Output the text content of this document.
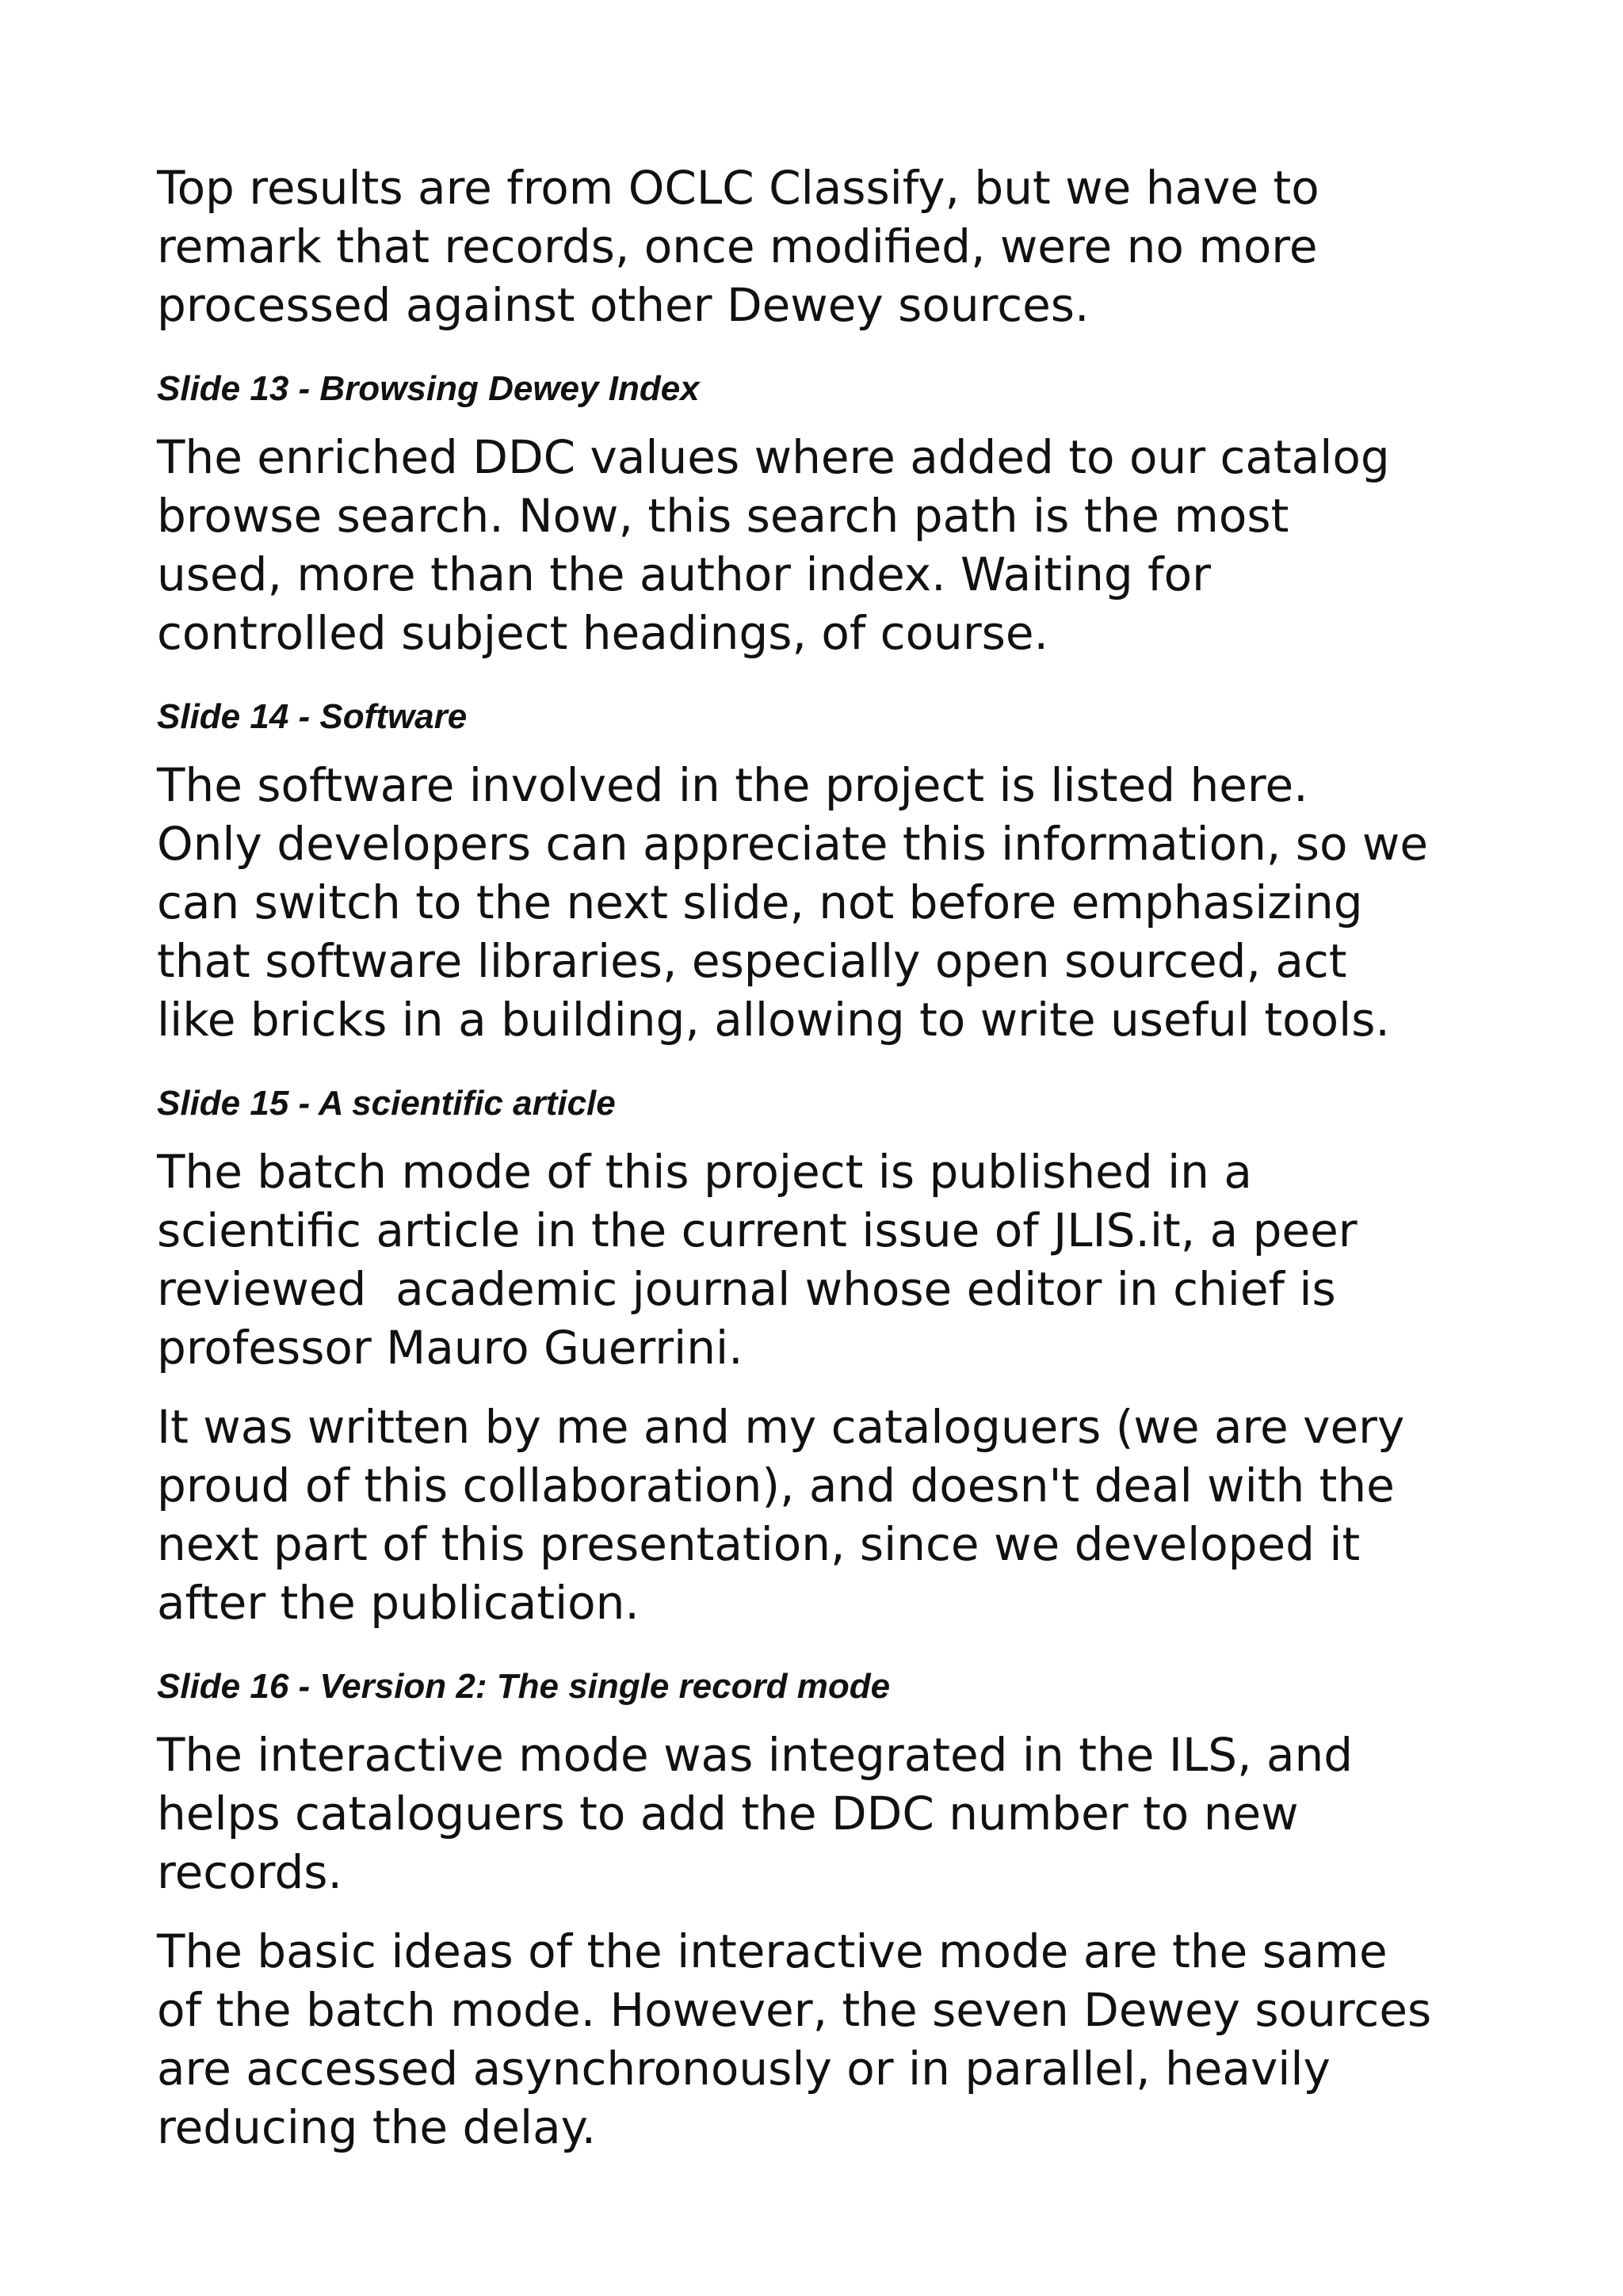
Top results are from OCLC Classify, but we have to
remark that records, once modified, were no more
processed against other Dewey sources.
Slide 13 - Browsing Dewey Index
The enriched DDC values where added to our catalog
browse search. Now, this search path is the most
used, more than the author index. Waiting for
controlled subject headings, of course.
Slide 14 - Software
The software involved in the project is listed here.
Only developers can appreciate this information, so we
can switch to the next slide, not before emphasizing
that software libraries, especially open sourced, act
like bricks in a building, allowing to write useful tools.
Slide 15 - A scientific article
The batch mode of this project is published in a
scientific article in the current issue of JLIS.it, a peer
reviewed  academic journal whose editor in chief is
professor Mauro Guerrini.
It was written by me and my cataloguers (we are very
proud of this collaboration), and doesn't deal with the
next part of this presentation, since we developed it
after the publication.
Slide 16 - Version 2: The single record mode
The interactive mode was integrated in the ILS, and
helps cataloguers to add the DDC number to new
records.
The basic ideas of the interactive mode are the same
of the batch mode. However, the seven Dewey sources
are accessed asynchronously or in parallel, heavily
reducing the delay.
